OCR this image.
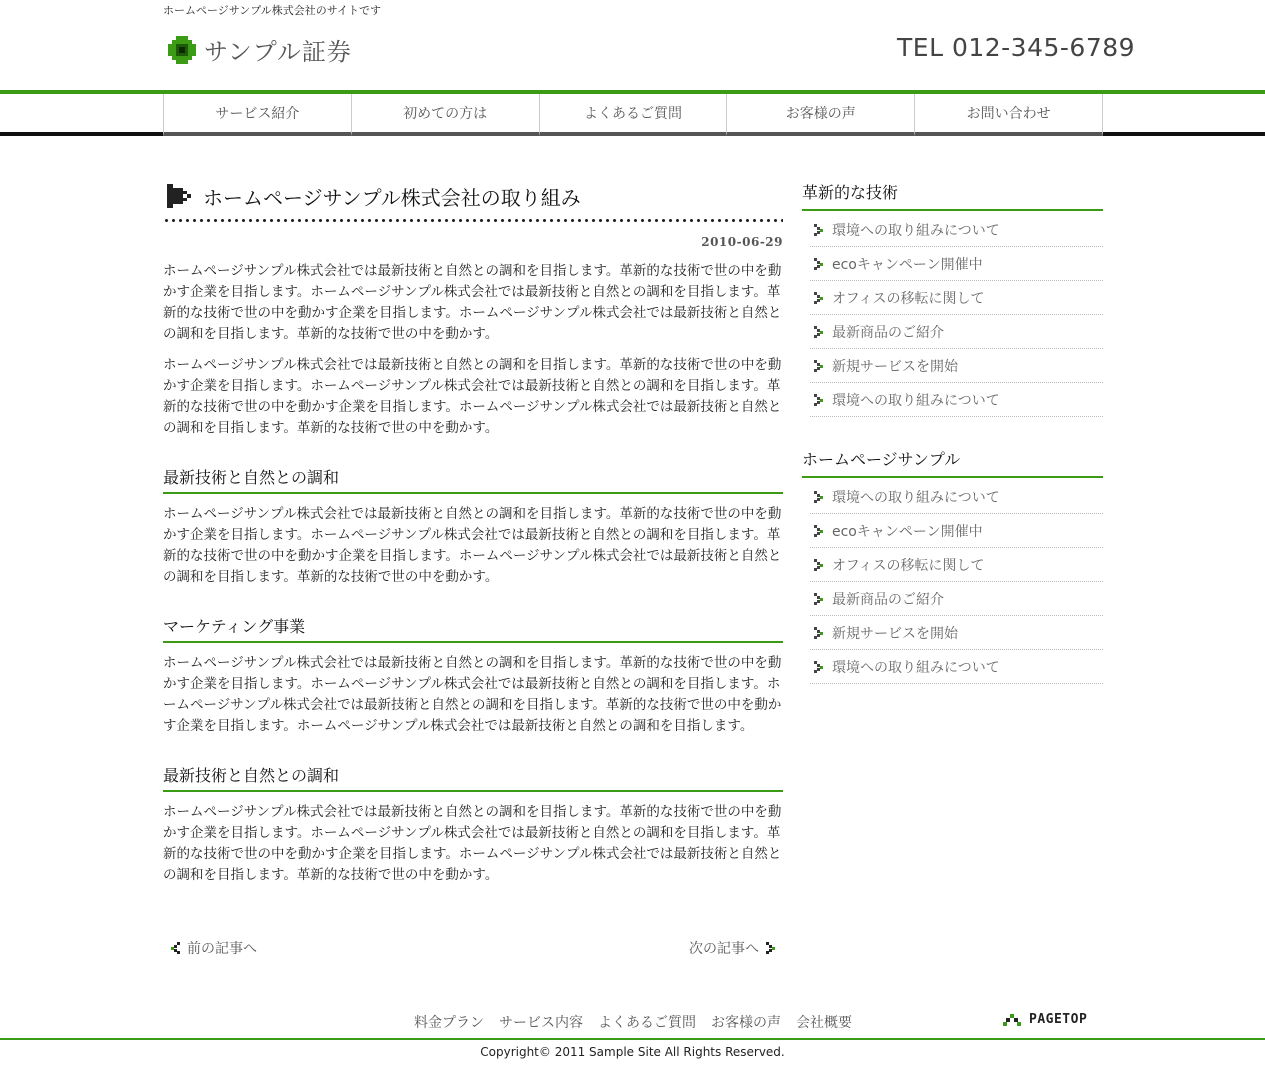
ホームページサンプル株式会社のサイトです
サンプル証券	TEL 012-345-6789
サービス紹介	初めての方は	よくあるご質問	お客様の声	お問い合わせ
ホームページサンプル株式会社の取り組み
2010-06-29

ホームページサンプル株式会社では最新技術と自然との調和を目指します。革新的な技術で世の中を動かす企業を目指します。ホームページサンプル株式会社では最新技術と自然との調和を目指します。革新的な技術で世の中を動かす企業を目指します。ホームページサンプル株式会社では最新技術と自然との調和を目指します。革新的な技術で世の中を動かす。

ホームページサンプル株式会社では最新技術と自然との調和を目指します。革新的な技術で世の中を動かす企業を目指します。ホームページサンプル株式会社では最新技術と自然との調和を目指します。革新的な技術で世の中を動かす企業を目指します。ホームページサンプル株式会社では最新技術と自然との調和を目指します。革新的な技術で世の中を動かす。

最新技術と自然との調和

ホームページサンプル株式会社では最新技術と自然との調和を目指します。革新的な技術で世の中を動かす企業を目指します。ホームページサンプル株式会社では最新技術と自然との調和を目指します。革新的な技術で世の中を動かす企業を目指します。ホームページサンプル株式会社では最新技術と自然との調和を目指します。革新的な技術で世の中を動かす。

マーケティング事業

ホームページサンプル株式会社では最新技術と自然との調和を目指します。革新的な技術で世の中を動かす企業を目指します。ホームページサンプル株式会社では最新技術と自然との調和を目指します。ホームページサンプル株式会社では最新技術と自然との調和を目指します。革新的な技術で世の中を動かす企業を目指します。ホームページサンプル株式会社では最新技術と自然との調和を目指します。

最新技術と自然との調和

ホームページサンプル株式会社では最新技術と自然との調和を目指します。革新的な技術で世の中を動かす企業を目指します。ホームページサンプル株式会社では最新技術と自然との調和を目指します。革新的な技術で世の中を動かす企業を目指します。ホームページサンプル株式会社では最新技術と自然との調和を目指します。革新的な技術で世の中を動かす。

前の記事へ	次の記事へ
革新的な技術
環境への取り組みについて
ecoキャンペーン開催中
オフィスの移転に関して
最新商品のご紹介
新規サービスを開始
環境への取り組みについて
ホームページサンプル
環境への取り組みについて
ecoキャンペーン開催中
オフィスの移転に関して
最新商品のご紹介
新規サービスを開始
環境への取り組みについて
料金プラン サービス内容 よくあるご質問 お客様の声 会社概要	PAGETOP
Copyright© 2011 Sample Site All Rights Reserved.
